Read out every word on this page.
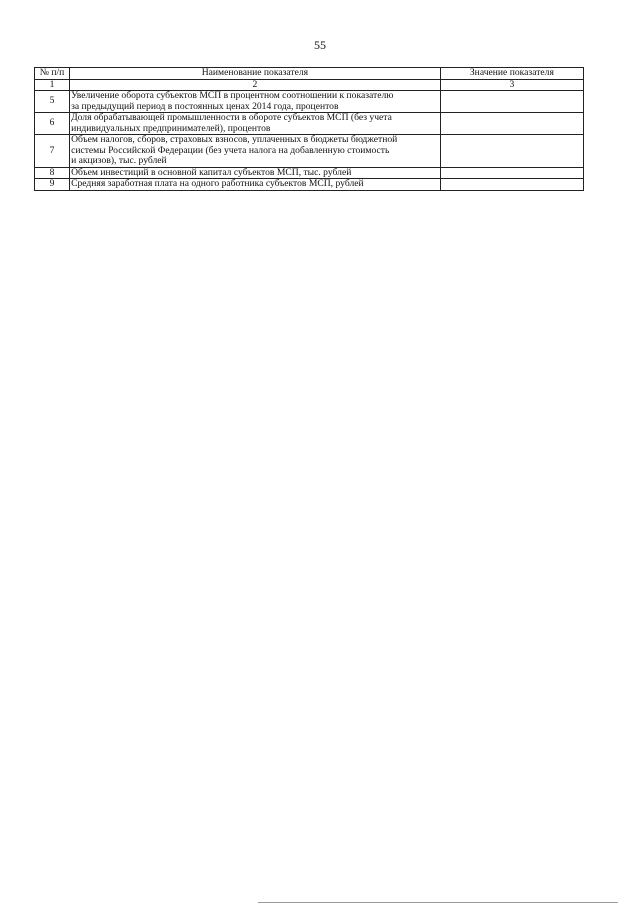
55
№ п/п	Наименование показателя	Значение показателя
1	2	3
5	Увеличение оборота субъектов МСП в процентном соотношении к показателю
за предыдущий период в постоянных ценах 2014 года, процентов	

6	Доля обрабатывающей промышленности в обороте субъектов МСП (без учета
индивидуальных предпринимателей), процентов	

7	Объем налогов, сборов, страховых взносов, уплаченных в бюджеты бюджетной
системы Российской Федерации (без учета налога на добавленную стоимость
и акцизов), тыс. рублей	

8	Объем инвестиций в основной капитал субъектов МСП, тыс. рублей	

9	Средняя заработная плата на одного работника субъектов МСП, рублей	
